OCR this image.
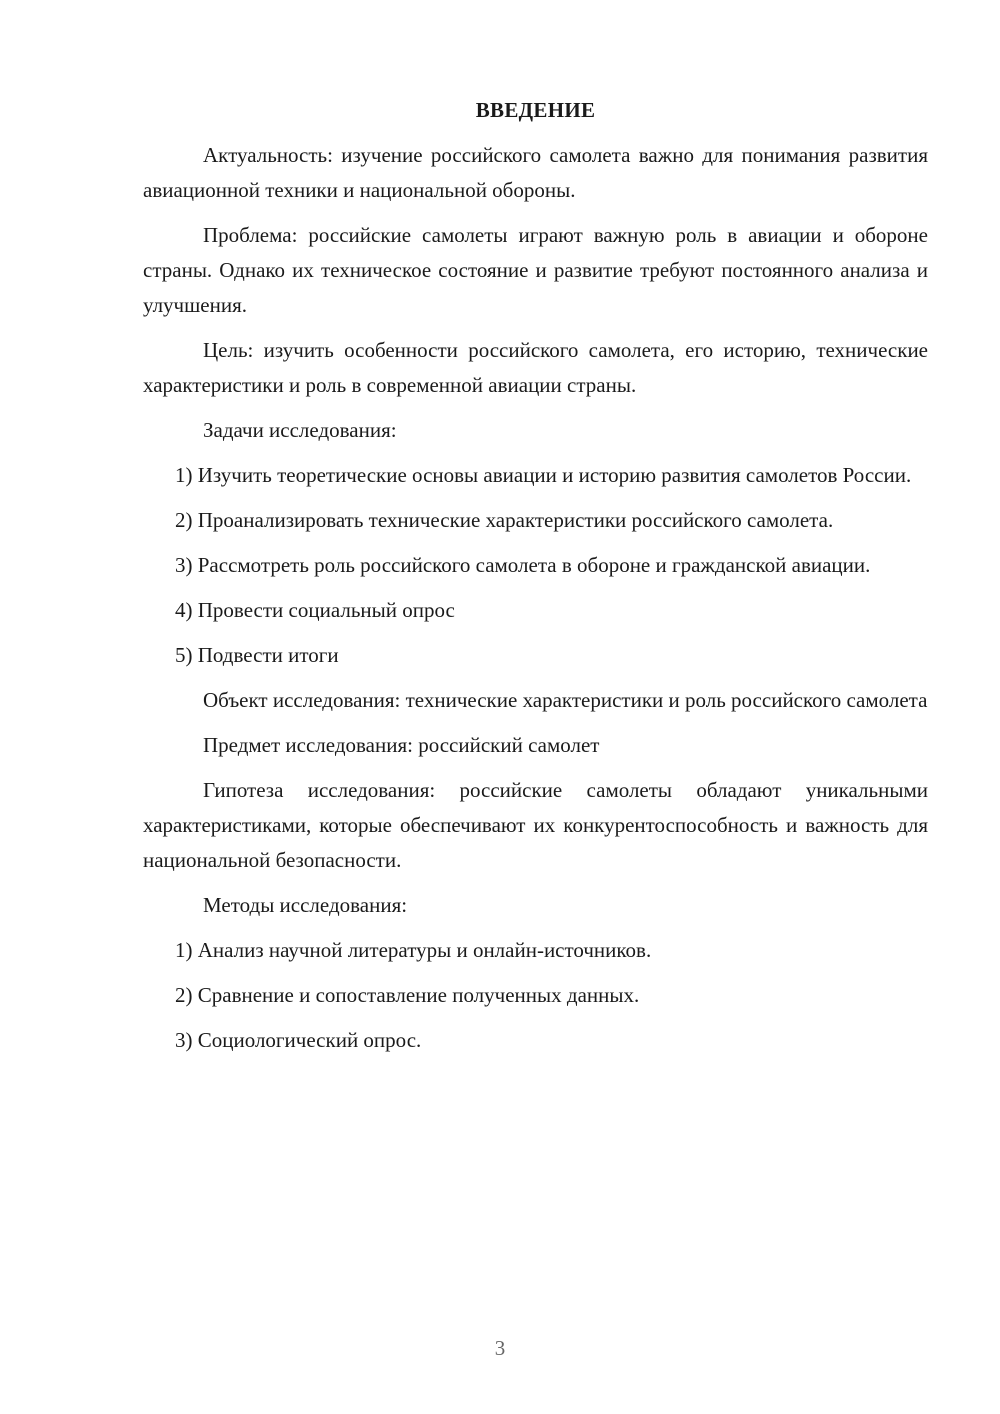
ВВЕДЕНИЕ

Актуальность: изучение российского самолета важно для понимания развития авиационной техники и национальной обороны.

Проблема: российские самолеты играют важную роль в авиации и обороне страны. Однако их техническое состояние и развитие требуют постоянного анализа и улучшения.

Цель: изучить особенности российского самолета, его историю, технические характеристики и роль в современной авиации страны.

Задачи исследования:

1) Изучить теоретические основы авиации и историю развития самолетов России.

2) Проанализировать технические характеристики российского самолета.

3) Рассмотреть роль российского самолета в обороне и гражданской авиации.

4) Провести социальный опрос

5) Подвести итоги

Объект исследования: технические характеристики и роль российского самолета

Предмет исследования: российский самолет

Гипотеза исследования: российские самолеты обладают уникальными характеристиками, которые обеспечивают их конкурентоспособность и важность для национальной безопасности.

Методы исследования:

1) Анализ научной литературы и онлайн-источников.

2) Сравнение и сопоставление полученных данных.

3) Социологический опрос.

3
